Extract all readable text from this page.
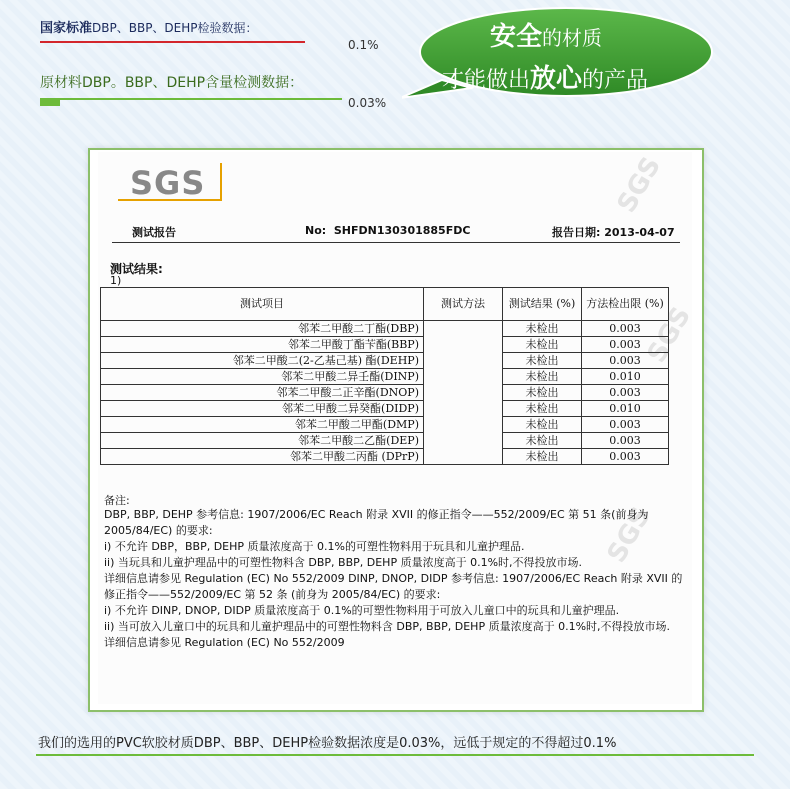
国家标准DBP、BBP、DEHP检验数据：
0.1%
原材料DBP。BBP、DEHP含量检测数据：
0.03%
安全的材质
才能做出放心的产品
SGS
SGS
SGS
SGS
测试报告	No: SHFDN130301885FDC	报告日期: 2013-04-07
测试结果:
1)
测试项目	测试方法	测试结果 (%)	方法检出限 (%)
邻苯二甲酸二丁酯(DBP)		未检出	0.003
邻苯二甲酸丁酯苄酯(BBP)		未检出	0.003
邻苯二甲酸二(2-乙基己基) 酯(DEHP)		未检出	0.003
邻苯二甲酸二异壬酯(DINP)		未检出	0.010
邻苯二甲酸二正辛酯(DNOP)		未检出	0.003
邻苯二甲酸二异癸酯(DIDP)		未检出	0.010
邻苯二甲酸二甲酯(DMP)		未检出	0.003
邻苯二甲酸二乙酯(DEP)		未检出	0.003
邻苯二甲酸二丙酯 (DPrP)		未检出	0.003
备注:

DBP, BBP, DEHP 参考信息: 1907/2006/EC Reach 附录 XVII 的修正指令——552/2009/EC 第 51 条(前身为 2005/84/EC) 的要求:

i) 不允许 DBP，BBP, DEHP 质量浓度高于 0.1%的可塑性物料用于玩具和儿童护理品.

ii) 当玩具和儿童护理品中的可塑性物料含 DBP, BBP, DEHP 质量浓度高于 0.1%时,不得投放市场.

详细信息请参见 Regulation (EC) No 552/2009 DINP, DNOP, DIDP 参考信息: 1907/2006/EC Reach 附录 XVII 的修正指令——552/2009/EC 第 52 条 (前身为 2005/84/EC) 的要求:

i) 不允许 DINP, DNOP, DIDP 质量浓度高于 0.1%的可塑性物料用于可放入儿童口中的玩具和儿童护理品.

ii) 当可放入儿童口中的玩具和儿童护理品中的可塑性物料含 DBP, BBP, DEHP 质量浓度高于 0.1%时,不得投放市场.

详细信息请参见 Regulation (EC) No 552/2009

我们的选用的PVC软胶材质DBP、BBP、DEHP检验数据浓度是0.03%，远低于规定的不得超过0.1%
